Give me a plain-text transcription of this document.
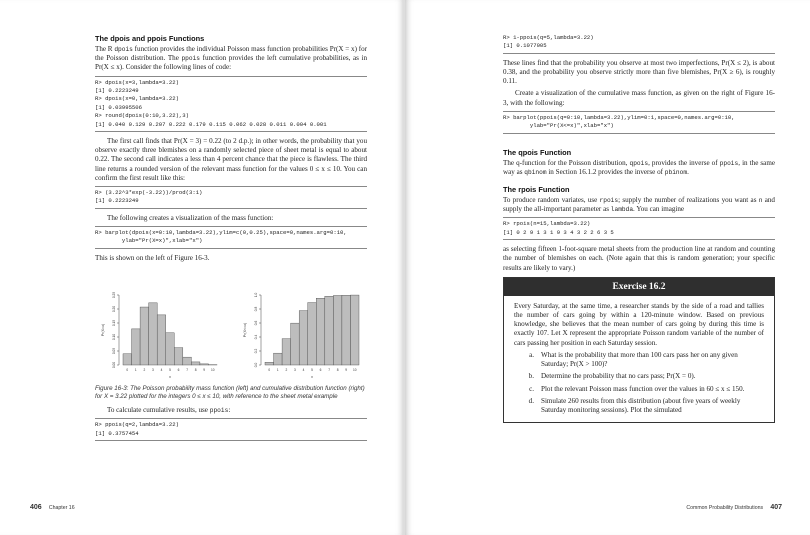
The dpois and ppois Functions

The R dpois function provides the individual Poisson mass function probabilities Pr(X = x) for the Poisson distribution. The ppois function provides the left cumulative probabilities, as in Pr(X ≤ x). Consider the following lines of code:

R> dpois(x=3,lambda=3.22)
[1] 0.2223249
R> dpois(x=0,lambda=3.22)
[1] 0.03995506
R> round(dpois(0:10,3.22),3)
[1] 0.040 0.129 0.207 0.222 0.179 0.115 0.062 0.028 0.011 0.004 0.001

The first call finds that Pr(X = 3) = 0.22 (to 2 d.p.); in other words, the probability that you observe exactly three blemishes on a randomly selected piece of sheet metal is equal to about 0.22. The second call indicates a less than 4 percent chance that the piece is flawless. The third line returns a rounded version of the relevant mass function for the values 0 ≤ x ≤ 10. You can confirm the first result like this:

R> (3.22^3*exp(-3.22))/prod(3:1)
[1] 0.2223249

The following creates a visualization of the mass function:

R> barplot(dpois(x=0:10,lambda=3.22),ylim=c(0,0.25),space=0,names.arg=0:10,
ylab="Pr(X=x)",xlab="x")

This is shown on the left of Figure 16-3.

0.00
0.05
0.10
0.15
0.20
0.25
Pr(X=x)
0 1 2 3 4 5 6 7 8 9 10
x
0.0
0.2
0.4
0.6
0.8
1.0
Pr(X<=x)
0 1 2 3 4 5 6 7 8 9 10
x
Figure 16-3: The Poisson probability mass function (left) and cumulative distribution function (right) for X = 3.22 plotted for the integers 0 ≤ x ≤ 10, with reference to the sheet metal example

To calculate cumulative results, use ppois:

R> ppois(q=2,lambda=3.22)
[1] 0.3757454
406 Chapter 16
R> 1-ppois(q=5,lambda=3.22)
[1] 0.1077005

These lines find that the probability you observe at most two imperfections, Pr(X ≤ 2), is about 0.38, and the probability you observe strictly more than five blemishes, Pr(X ≥ 6), is roughly 0.11.

Create a visualization of the cumulative mass function, as given on the right of Figure 16-3, with the following:

R> barplot(ppois(q=0:10,lambda=3.22),ylim=0:1,space=0,names.arg=0:10,
ylab="Pr(X<=x)",xlab="x")
The qpois Function

The q-function for the Poisson distribution, qpois, provides the inverse of ppois, in the same way as qbinom in Section 16.1.2 provides the inverse of pbinom.

The rpois Function

To produce random variates, use rpois; supply the number of realizations you want as n and supply the all-important parameter as lambda. You can imagine

R> rpois(n=15,lambda=3.22)
[1] 0 2 9 1 3 1 9 3 4 3 2 2 6 3 5

as selecting fifteen 1-foot-square metal sheets from the production line at random and counting the number of blemishes on each. (Note again that this is random generation; your specific results are likely to vary.)

Exercise 16.2

Every Saturday, at the same time, a researcher stands by the side of a road and tallies the number of cars going by within a 120-minute window. Based on previous knowledge, she believes that the mean number of cars going by during this time is exactly 107. Let X represent the appropriate Poisson random variable of the number of cars passing her position in each Saturday session.

a. What is the probability that more than 100 cars pass her on any given Saturday; Pr(X > 100)?
b. Determine the probability that no cars pass; Pr(X = 0).
c. Plot the relevant Poisson mass function over the values in 60 ≤ x ≤ 150.
d. Simulate 260 results from this distribution (about five years of weekly Saturday monitoring sessions). Plot the simulated
Common Probability Distributions 407
